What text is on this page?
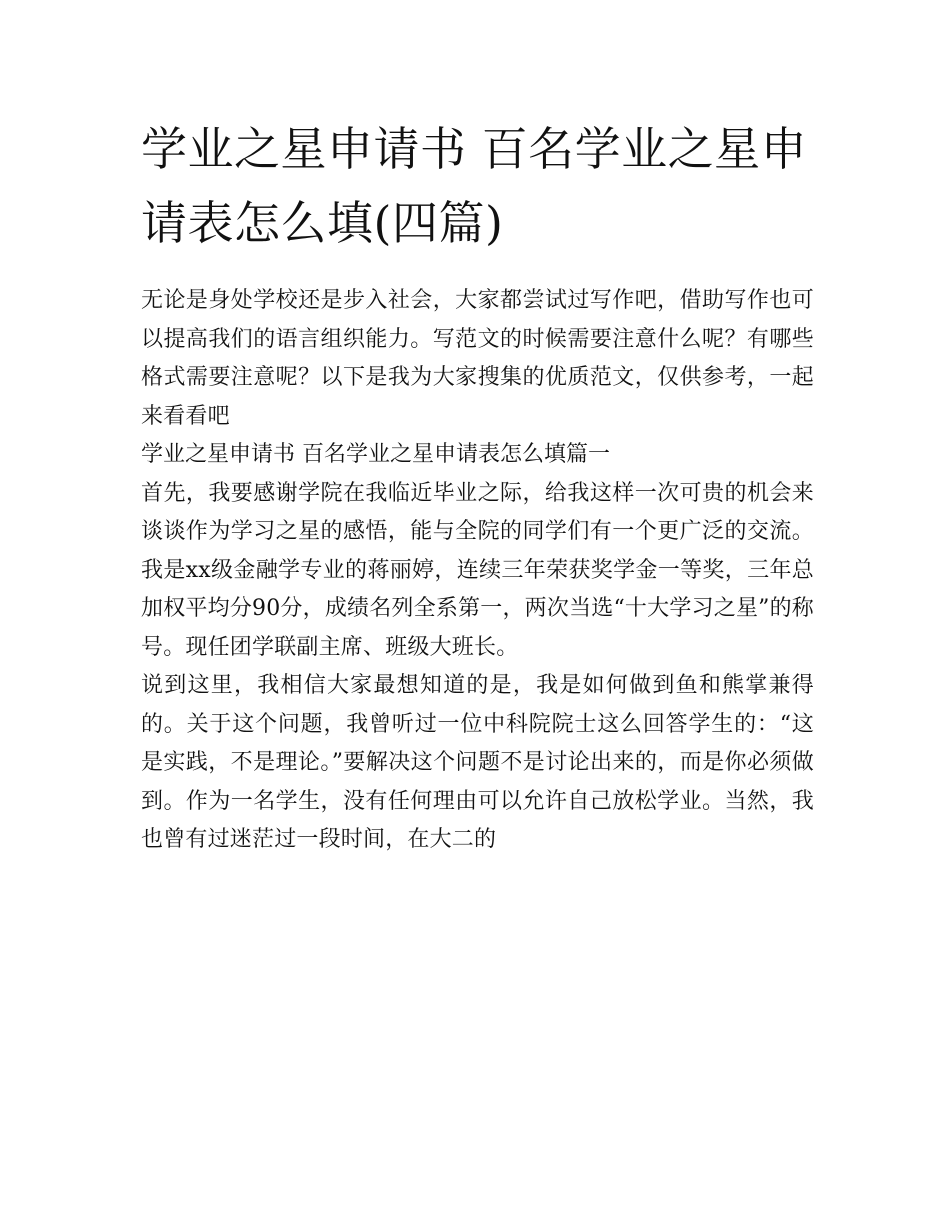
学业之星申请书 百名学业之星申请表怎么填(四篇)

无论是身处学校还是步入社会，大家都尝试过写作吧，借助写作也可以提高我们的语言组织能力。写范文的时候需要注意什么呢？有哪些格式需要注意呢？以下是我为大家搜集的优质范文，仅供参考，一起来看看吧

学业之星申请书 百名学业之星申请表怎么填篇一

首先，我要感谢学院在我临近毕业之际，给我这样一次可贵的机会来谈谈作为学习之星的感悟，能与全院的同学们有一个更广泛的交流。我是xx级金融学专业的蒋丽婷，连续三年荣获奖学金一等奖，三年总加权平均分90分，成绩名列全系第一，两次当选“十大学习之星”的称号。现任团学联副主席、班级大班长。

说到这里，我相信大家最想知道的是，我是如何做到鱼和熊掌兼得的。关于这个问题，我曾听过一位中科院院士这么回答学生的：“这是实践，不是理论。”要解决这个问题不是讨论出来的，而是你必须做到。作为一名学生，没有任何理由可以允许自己放松学业。当然，我也曾有过迷茫过一段时间，在大二的
